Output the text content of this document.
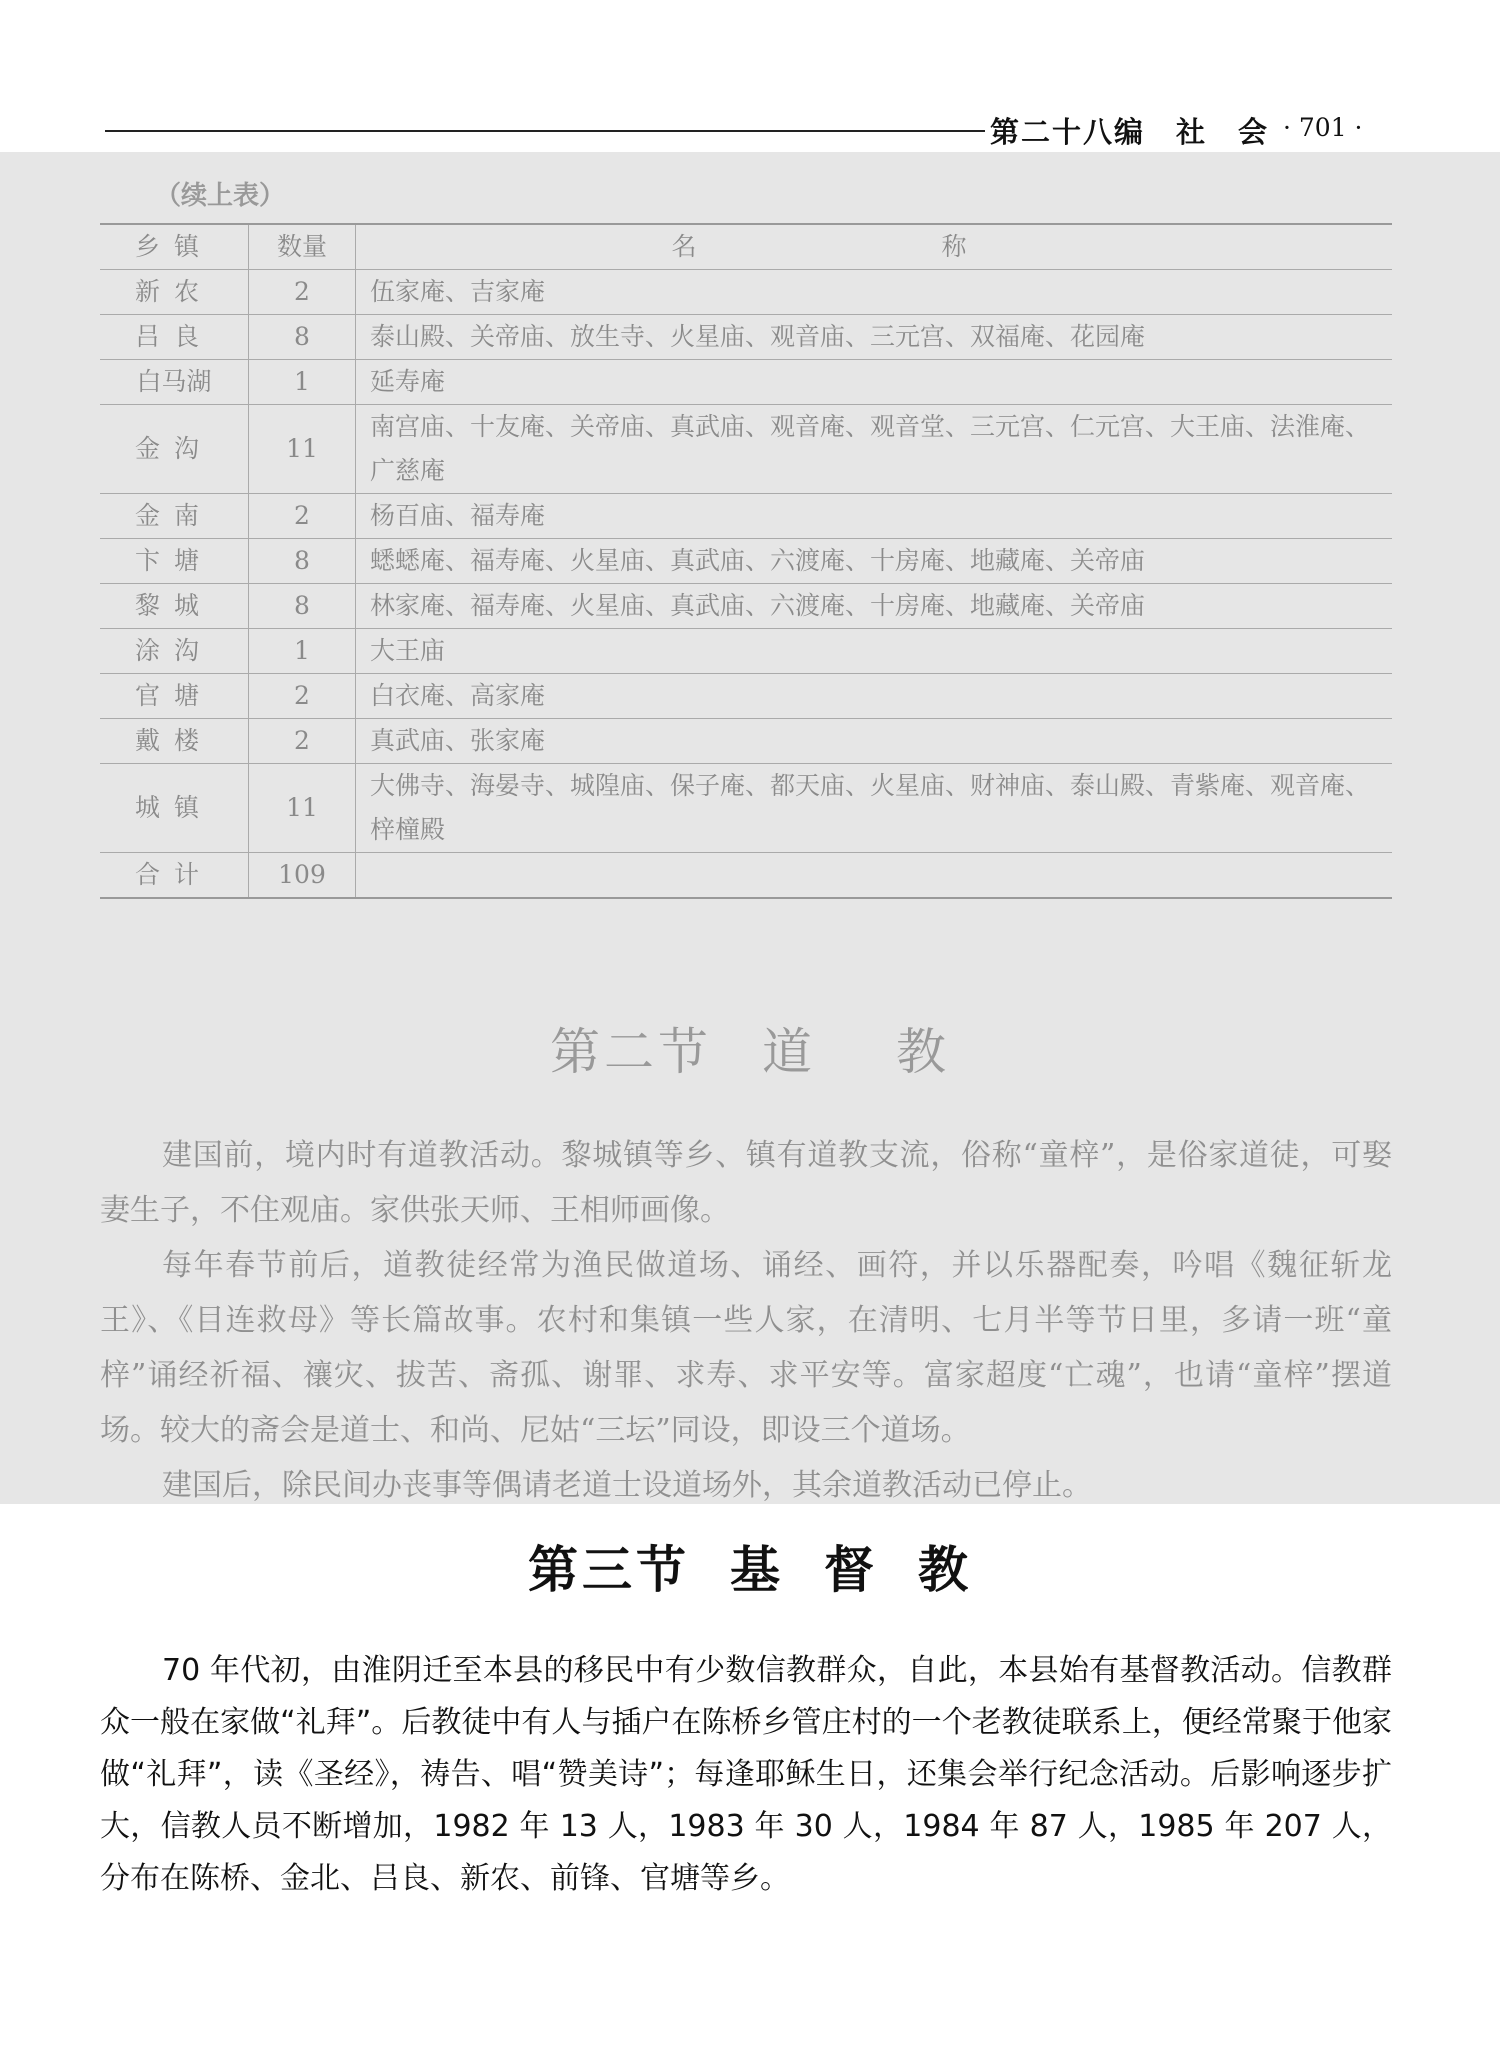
第二十八编　社　会 · 701 ·
（续上表）
乡镇	数量	名　称
新农	2	伍家庵、吉家庵
吕良	8	泰山殿、关帝庙、放生寺、火星庙、观音庙、三元宫、双福庵、花园庵
白马湖	1	延寿庵
金沟	11	南宫庙、十友庵、关帝庙、真武庙、观音庵、观音堂、三元宫、仁元宫、大王庙、法淮庵、广慈庵
金南	2	杨百庙、福寿庵
卞塘	8	蟋蟋庵、福寿庵、火星庙、真武庙、六渡庵、十房庵、地藏庵、关帝庙
黎城	8	林家庵、福寿庵、火星庙、真武庙、六渡庵、十房庵、地藏庵、关帝庙
涂沟	1	大王庙
官塘	2	白衣庵、高家庵
戴楼	2	真武庙、张家庵
城镇	11	大佛寺、海晏寺、城隍庙、保子庵、都天庙、火星庙、财神庙、泰山殿、青紫庵、观音庵、梓橦殿
合计	109	
第二节 道 教

建国前，境内时有道教活动。黎城镇等乡、镇有道教支流，俗称“童梓”，是俗家道徒，可娶妻生子，不住观庙。家供张天师、王相师画像。

每年春节前后，道教徒经常为渔民做道场、诵经、画符，并以乐器配奏，吟唱《魏征斩龙王》、《目连救母》等长篇故事。农村和集镇一些人家，在清明、七月半等节日里，多请一班“童梓”诵经祈福、禳灾、拔苦、斋孤、谢罪、求寿、求平安等。富家超度“亡魂”，也请“童梓”摆道场。较大的斋会是道士、和尚、尼姑“三坛”同设，即设三个道场。

建国后，除民间办丧事等偶请老道士设道场外，其余道教活动已停止。

第三节 基 督 教

70 年代初，由淮阴迁至本县的移民中有少数信教群众，自此，本县始有基督教活动。信教群众一般在家做“礼拜”。后教徒中有人与插户在陈桥乡管庄村的一个老教徒联系上，便经常聚于他家做“礼拜”，读《圣经》，祷告、唱“赞美诗”；每逢耶稣生日，还集会举行纪念活动。后影响逐步扩大，信教人员不断增加，1982 年 13 人，1983 年 30 人，1984 年 87 人，1985 年 207 人，分布在陈桥、金北、吕良、新农、前锋、官塘等乡。
